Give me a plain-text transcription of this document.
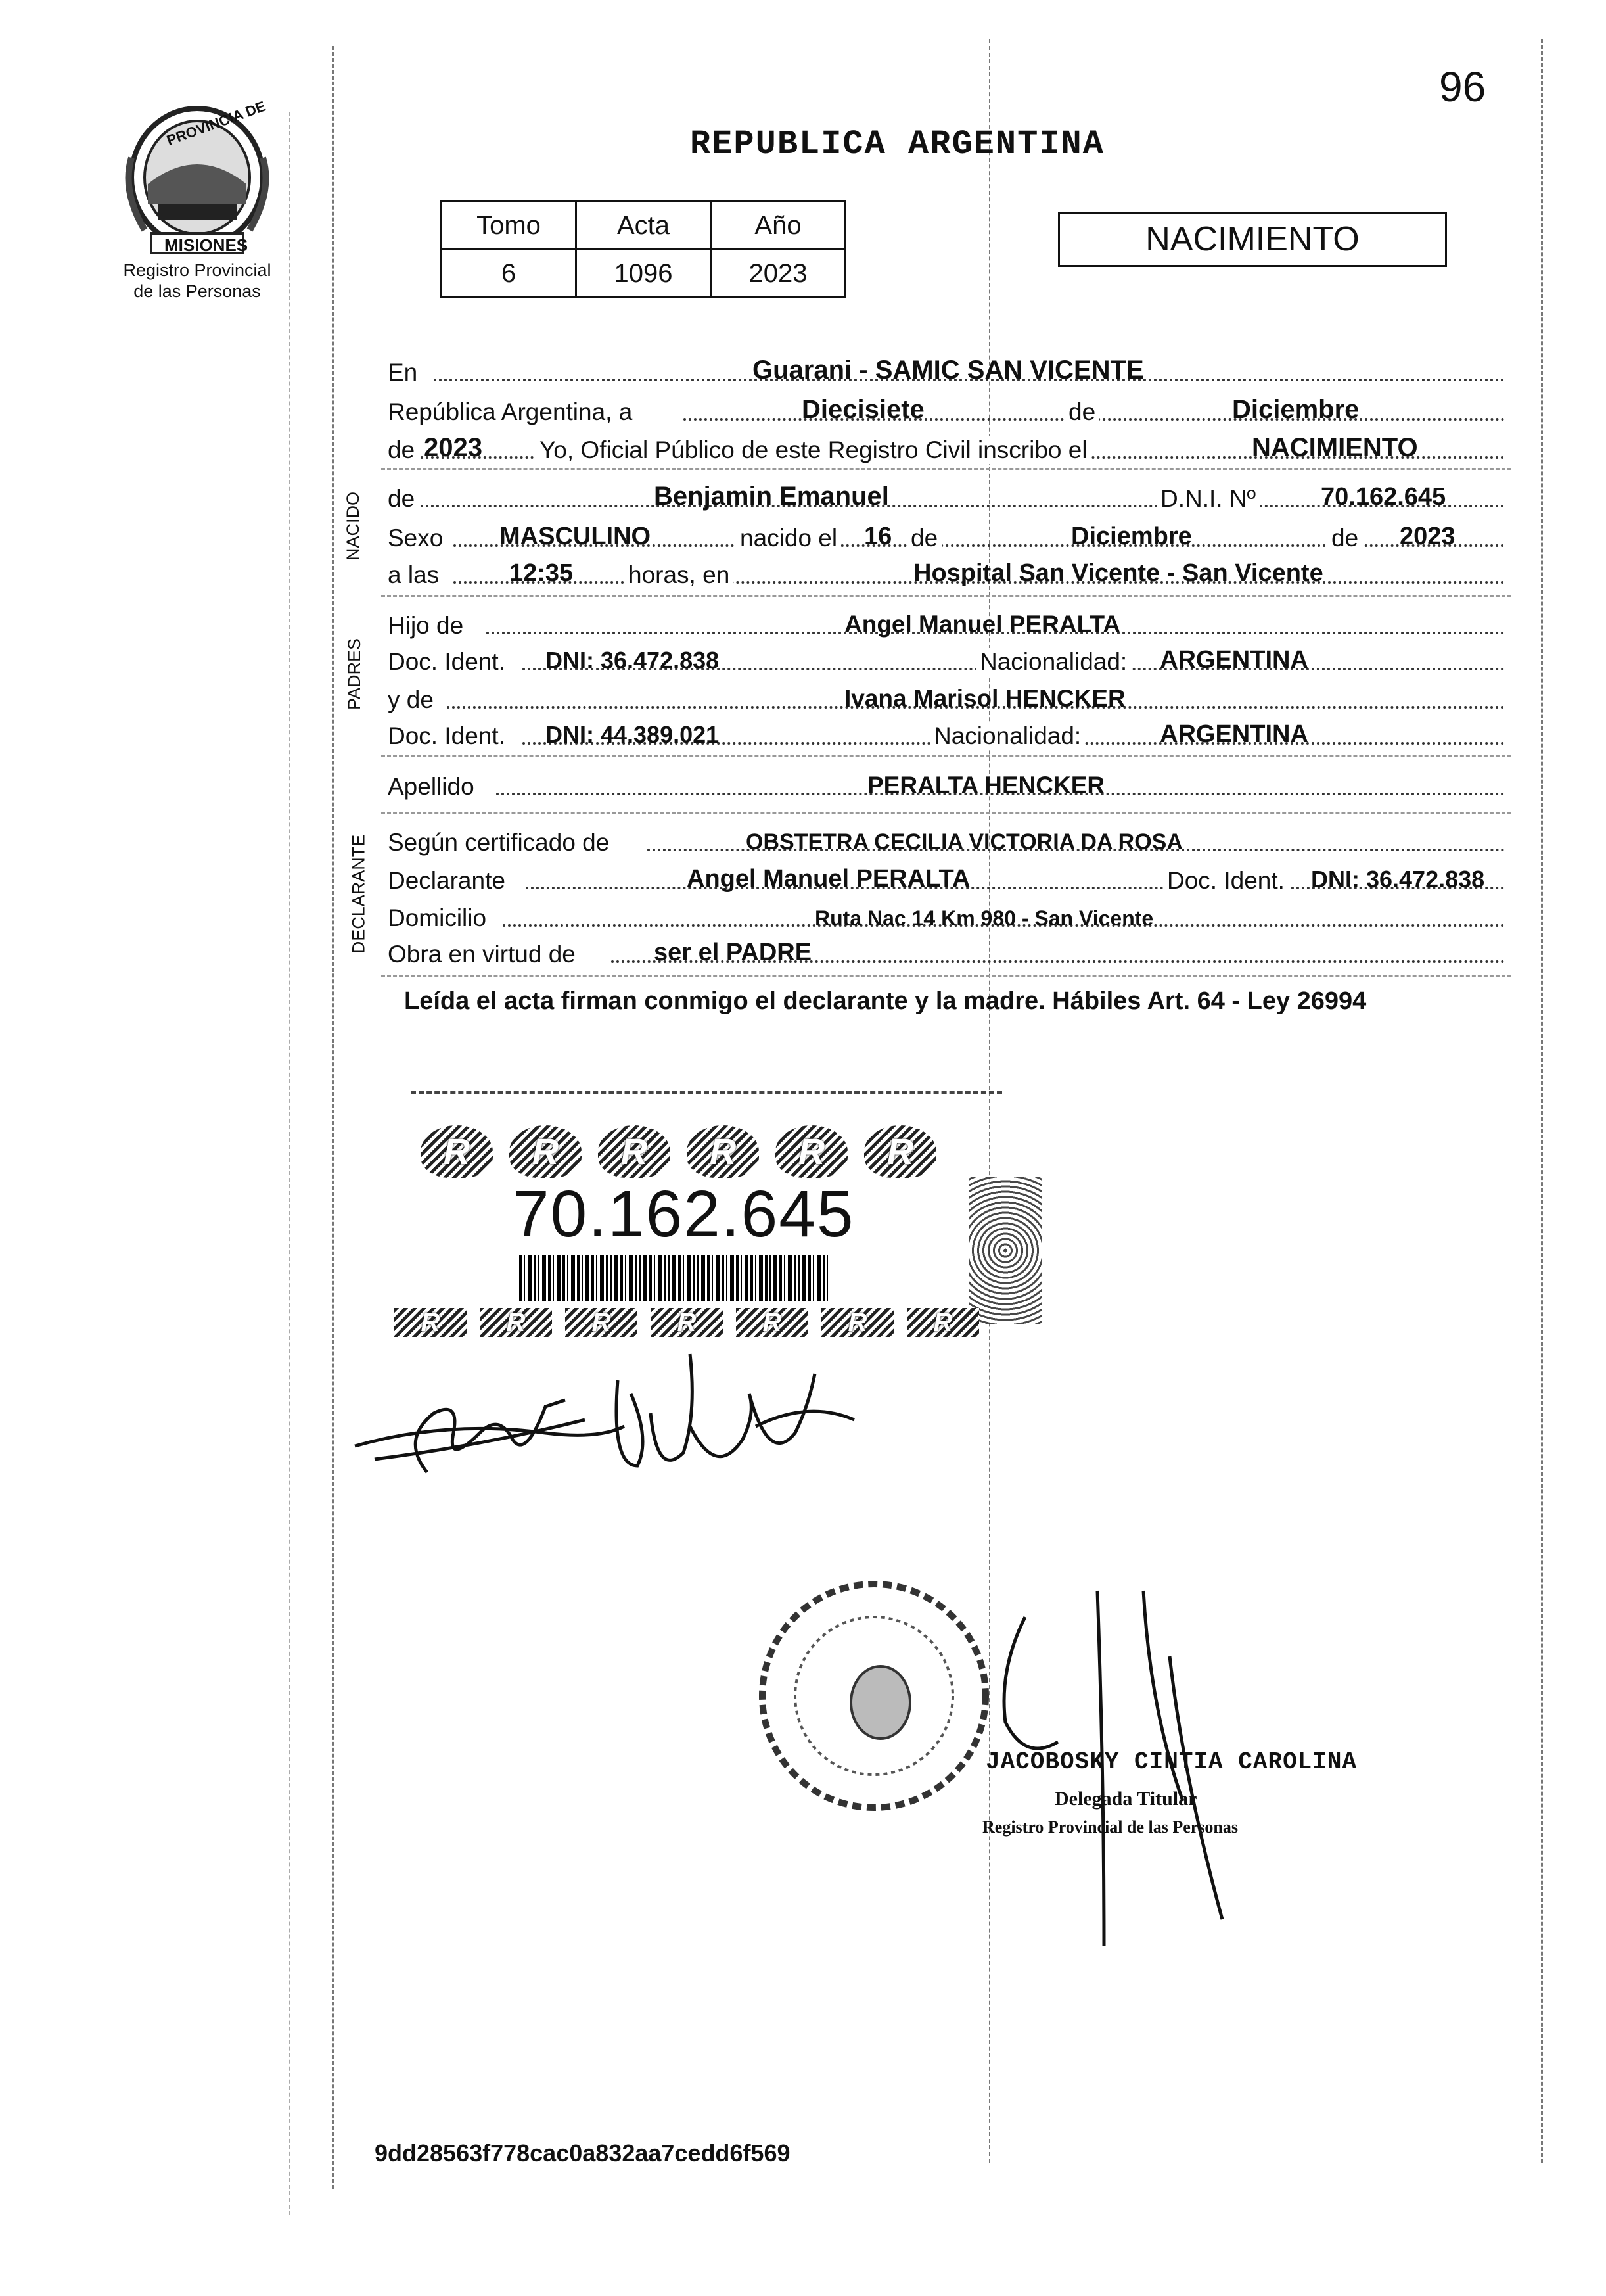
96
PROVINCIA DE
MISIONES
Registro Provincial
de las Personas
REPUBLICA ARGENTINA
Tomo	Acta	Año
6	1096	2023
NACIMIENTO
NACIDO
PADRES
DECLARANTE
En	Guarani - SAMIC SAN VICENTE
República Argentina, a	Diecisiete	de	Diciembre
de 2023 Yo, Oficial Público de este Registro Civil inscribo el	NACIMIENTO
de	Benjamin Emanuel	D.N.I. Nº	70.162.645
Sexo MASCULINO	nacido el 16 de	Diciembre	de 2023
a las	12:35 horas, en	Hospital San Vicente - San Vicente
Hijo de	Angel Manuel PERALTA
Doc. Ident. DNI: 36.472.838	Nacionalidad: ARGENTINA
y de	Ivana Marisol HENCKER
Doc. Ident. DNI: 44.389.021	Nacionalidad:	ARGENTINA
Apellido	PERALTA HENCKER
Según certificado de	OBSTETRA CECILIA VICTORIA DA ROSA
Declarante	Angel Manuel PERALTA	Doc. Ident. DNI: 36.472.838
Domicilio	Ruta Nac 14 Km 980 - San Vicente
Obra en virtud de	ser el PADRE
Leída el acta firman conmigo el declarante y la madre. Hábiles Art. 64 - Ley 26994
R	R	R	R	R	R
70.162.645
R	R	R	R	R	R	R
JACOBOSKY CINTIA CAROLINA
Delegada Titular
Registro Provincial de las Personas
9dd28563f778cac0a832aa7cedd6f569
